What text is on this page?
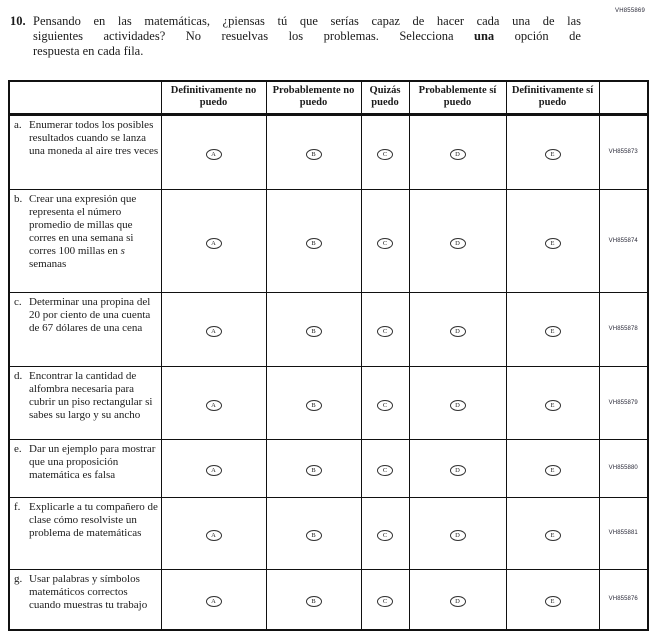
VH855869
10. Pensando en las matemáticas, ¿piensas tú que serías capaz de hacer cada una de las
siguientes actividades? No resuelvas los problemas. Selecciona una opción de
respuesta en cada fila.
	Definitivamente no puedo	Probablemente no puedo	Quizás puedo	Probablemente sí puedo	Definitivamente sí puedo	

a. Enumerar todos los posibles resultados cuando se lanza una moneda al aire tres veces	A	B	C	D	E	VH855873

b. Crear una expresión que representa el número promedio de millas que corres en una semana si corres 100 millas en s semanas	A	B	C	D	E	VH855874

c. Determinar una propina del 20 por ciento de una cuenta de 67 dólares de una cena	A	B	C	D	E	VH855878

d. Encontrar la cantidad de alfombra necesaria para cubrir un piso rectangular si sabes su largo y su ancho	A	B	C	D	E	VH855879

e. Dar un ejemplo para mostrar que una proposición matemática es falsa	A	B	C	D	E	VH855880

f. Explicarle a tu compañero de clase cómo resolviste un problema de matemáticas	A	B	C	D	E	VH855881

g. Usar palabras y símbolos matemáticos correctos cuando muestras tu trabajo	A	B	C	D	E	VH855876
